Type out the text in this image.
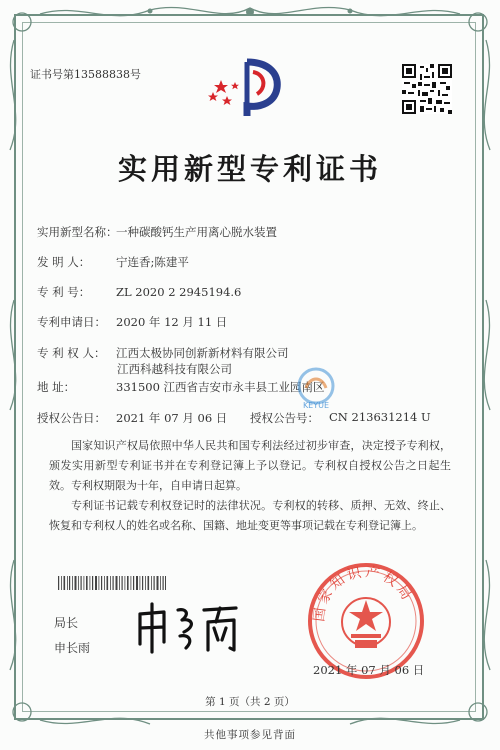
证书号第13588838号
实用新型专利证书
实用新型名称：一种碳酸钙生产用离心脱水装置
发 明 人： 宁连香;陈建平
专 利 号： ZL 2020 2 2945194.6
专利申请日： 2020 年 12 月 11 日
专 利 权 人： 江西太极协同创新新材料有限公司
江西科越科技有限公司
地 址：	331500 江西省吉安市永丰县工业园南区
授权公告日： 2021 年 07 月 06 日 授权公告号： CN 213631214 U
KEYUE
国家知识产权局依照中华人民共和国专利法经过初步审查，决定授予专利权，颁发实用新型专利证书并在专利登记簿上予以登记。专利权自授权公告之日起生效。专利权期限为十年，自申请日起算。
专利证书记载专利权登记时的法律状况。专利权的转移、质押、无效、终止、恢复和专利权人的姓名或名称、国籍、地址变更等事项记载在专利登记簿上。
局长
申长雨
国家知识产权局
2021 年 07 月 06 日
第 1 页（共 2 页）
共他事项参见背面
